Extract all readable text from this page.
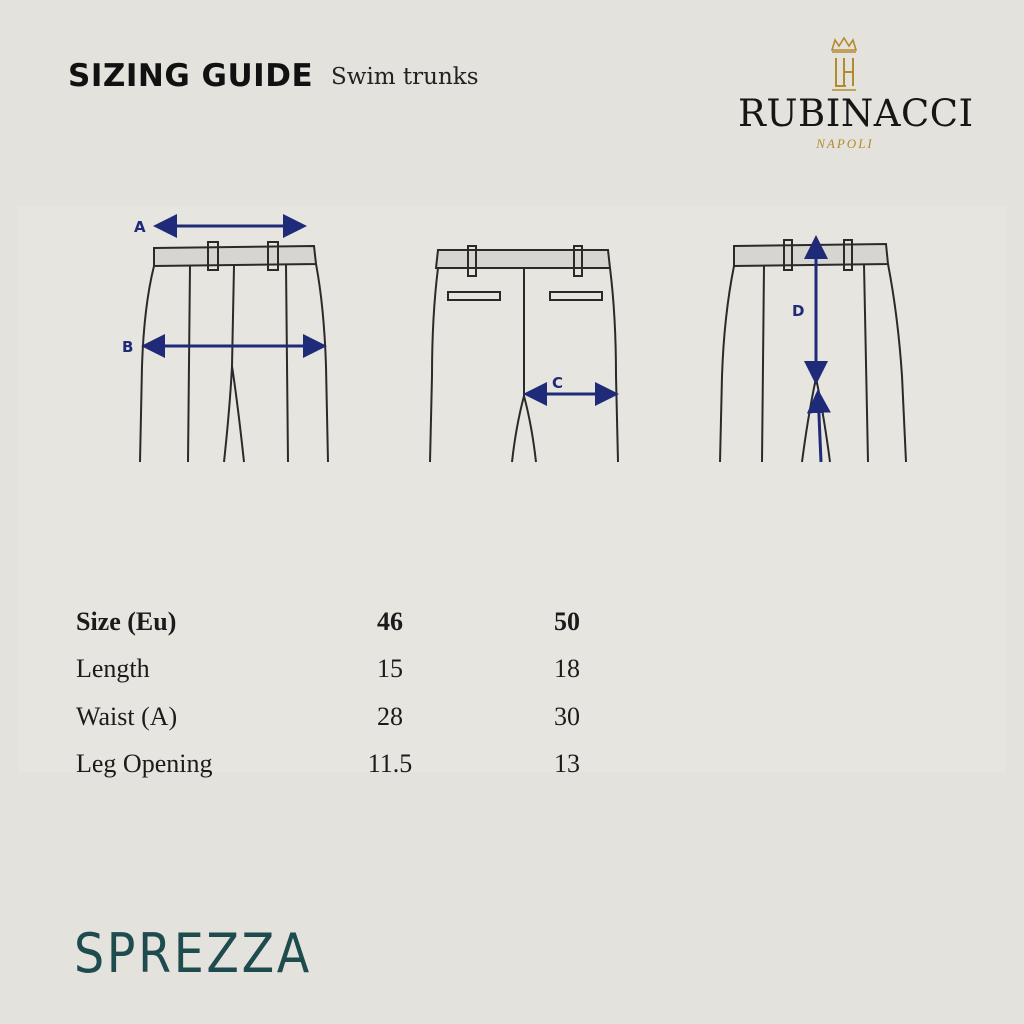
SIZING GUIDE Swim trunks
RUBINACCI
NAPOLI
A
B
C
D
Size (Eu)	46	50
Length	15	18
Waist (A)	28	30
Leg Opening	11.5	13
SPREZZA
